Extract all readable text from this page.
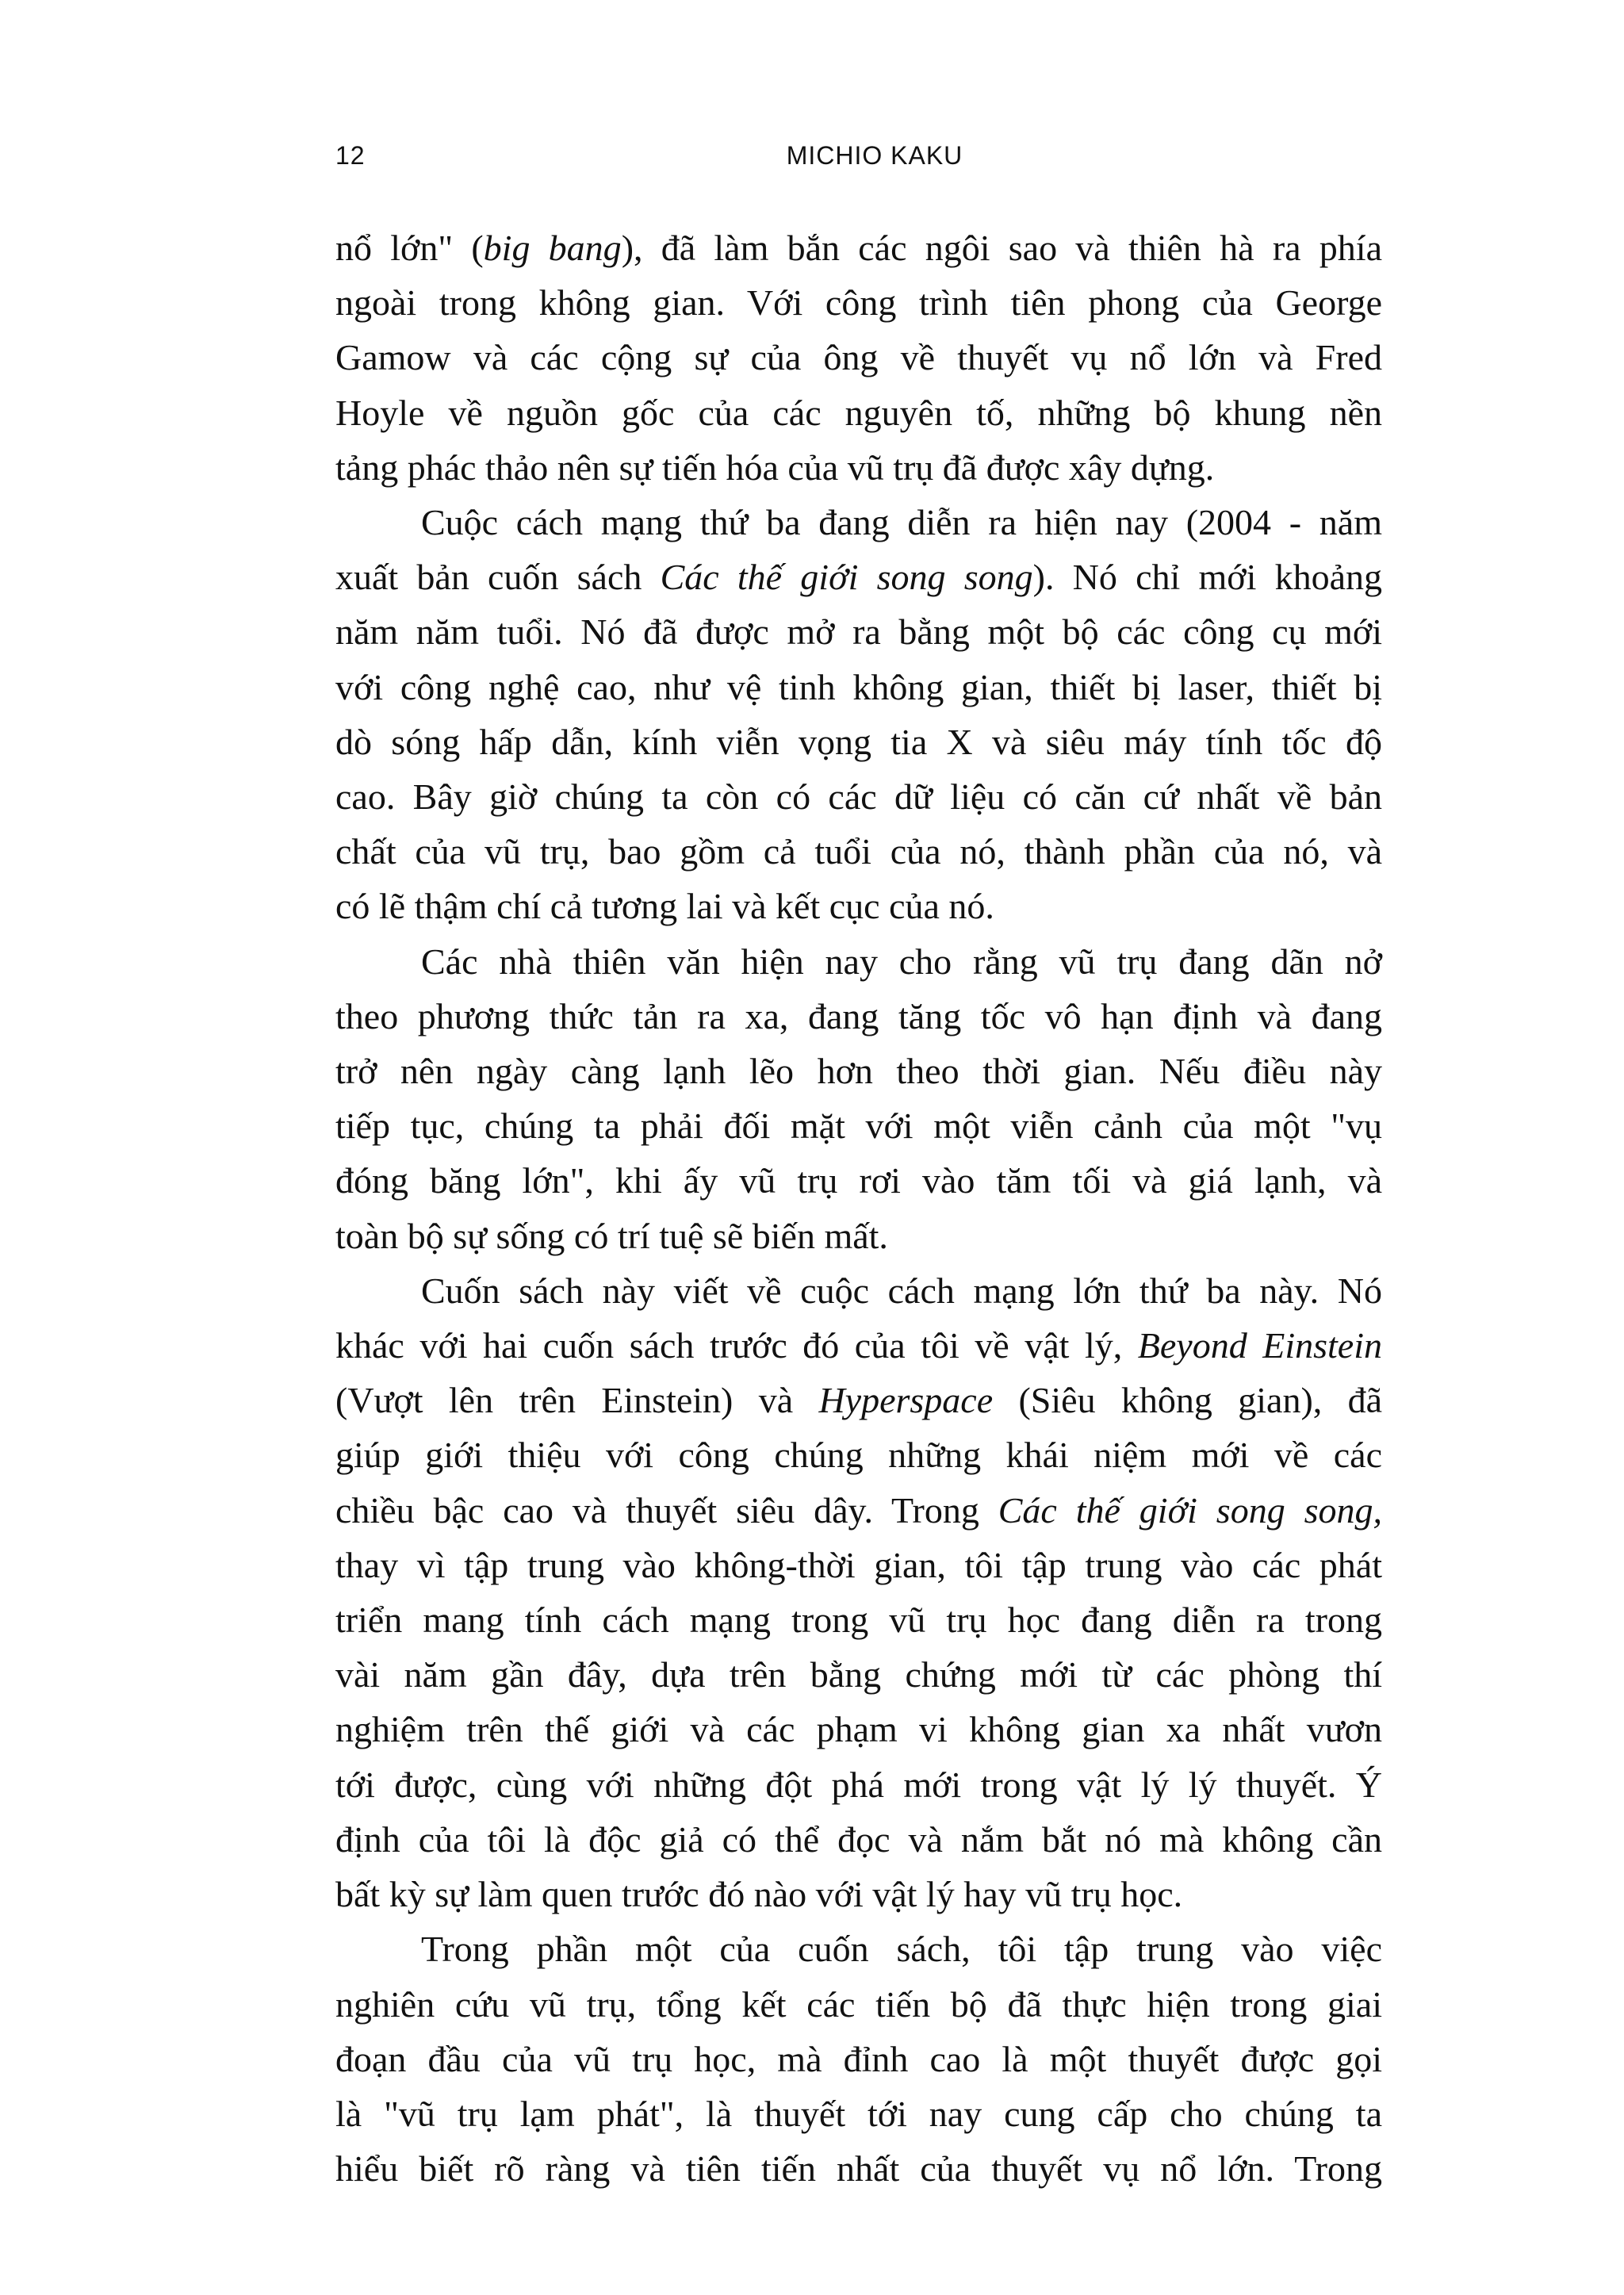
12	MICHIO KAKU
nổ lớn" (big bang), đã làm bắn các ngôi sao và thiên hà ra phía
ngoài trong không gian. Với công trình tiên phong của George
Gamow và các cộng sự của ông về thuyết vụ nổ lớn và Fred
Hoyle về nguồn gốc của các nguyên tố, những bộ khung nền
tảng phác thảo nên sự tiến hóa của vũ trụ đã được xây dựng.
Cuộc cách mạng thứ ba đang diễn ra hiện nay (2004 - năm
xuất bản cuốn sách Các thế giới song song). Nó chỉ mới khoảng
năm năm tuổi. Nó đã được mở ra bằng một bộ các công cụ mới
với công nghệ cao, như vệ tinh không gian, thiết bị laser, thiết bị
dò sóng hấp dẫn, kính viễn vọng tia X và siêu máy tính tốc độ
cao. Bây giờ chúng ta còn có các dữ liệu có căn cứ nhất về bản
chất của vũ trụ, bao gồm cả tuổi của nó, thành phần của nó, và
có lẽ thậm chí cả tương lai và kết cục của nó.
Các nhà thiên văn hiện nay cho rằng vũ trụ đang dãn nở
theo phương thức tản ra xa, đang tăng tốc vô hạn định và đang
trở nên ngày càng lạnh lẽo hơn theo thời gian. Nếu điều này
tiếp tục, chúng ta phải đối mặt với một viễn cảnh của một "vụ
đóng băng lớn", khi ấy vũ trụ rơi vào tăm tối và giá lạnh, và
toàn bộ sự sống có trí tuệ sẽ biến mất.
Cuốn sách này viết về cuộc cách mạng lớn thứ ba này. Nó
khác với hai cuốn sách trước đó của tôi về vật lý, Beyond Einstein
(Vượt lên trên Einstein) và Hyperspace (Siêu không gian), đã
giúp giới thiệu với công chúng những khái niệm mới về các
chiều bậc cao và thuyết siêu dây. Trong Các thế giới song song,
thay vì tập trung vào không-thời gian, tôi tập trung vào các phát
triển mang tính cách mạng trong vũ trụ học đang diễn ra trong
vài năm gần đây, dựa trên bằng chứng mới từ các phòng thí
nghiệm trên thế giới và các phạm vi không gian xa nhất vươn
tới được, cùng với những đột phá mới trong vật lý lý thuyết. Ý
định của tôi là độc giả có thể đọc và nắm bắt nó mà không cần
bất kỳ sự làm quen trước đó nào với vật lý hay vũ trụ học.
Trong phần một của cuốn sách, tôi tập trung vào việc
nghiên cứu vũ trụ, tổng kết các tiến bộ đã thực hiện trong giai
đoạn đầu của vũ trụ học, mà đỉnh cao là một thuyết được gọi
là "vũ trụ lạm phát", là thuyết tới nay cung cấp cho chúng ta
hiểu biết rõ ràng và tiên tiến nhất của thuyết vụ nổ lớn. Trong
